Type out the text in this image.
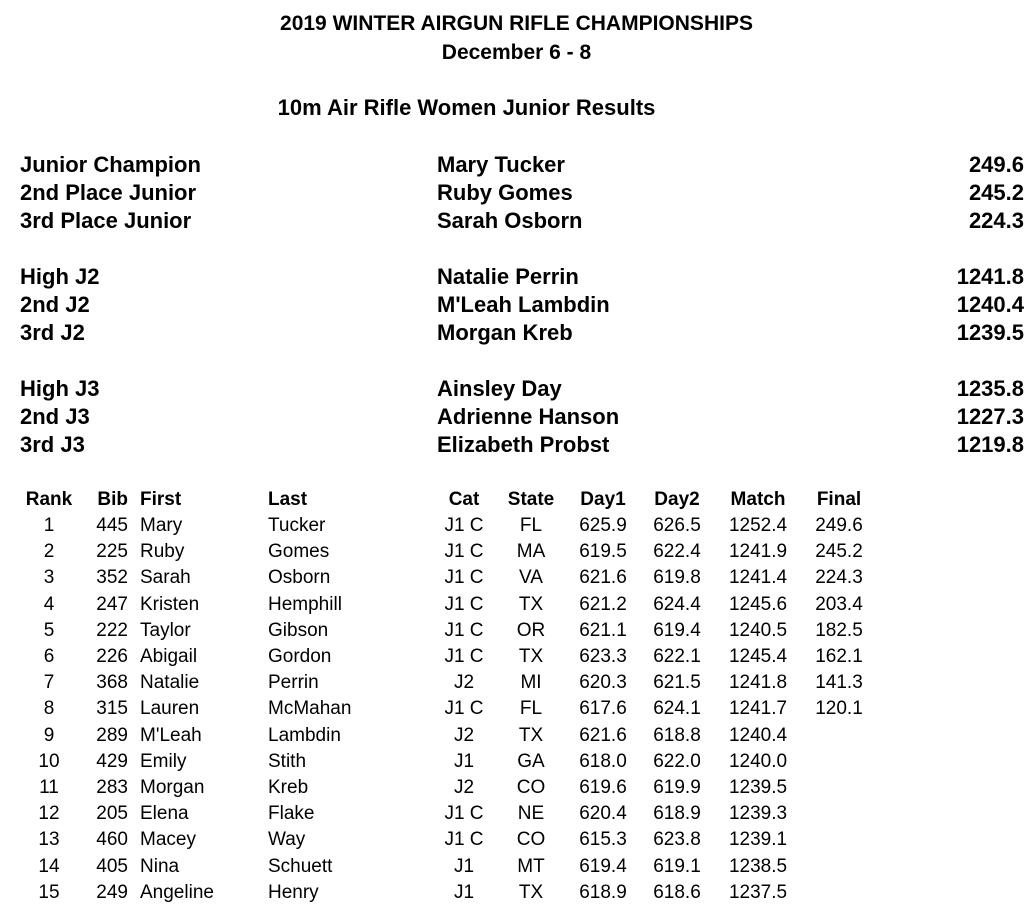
2019 WINTER AIRGUN RIFLE CHAMPIONSHIPS
December 6 - 8
10m Air Rifle Women Junior Results
Junior Champion	Mary Tucker	249.6
2nd Place Junior	Ruby Gomes	245.2
3rd Place Junior	Sarah Osborn	224.3
High J2	Natalie Perrin	1241.8
2nd J2	M'Leah Lambdin	1240.4
3rd J2	Morgan Kreb	1239.5
High J3	Ainsley Day	1235.8
2nd J3	Adrienne Hanson	1227.3
3rd J3	Elizabeth Probst	1219.8
Rank	Bib First	Last	Cat	State	Day1	Day2	Match	Final
1	445 Mary	Tucker	J1 C	FL	625.9	626.5	1252.4	249.6
2	225 Ruby	Gomes	J1 C	MA	619.5	622.4	1241.9	245.2
3	352 Sarah	Osborn	J1 C	VA	621.6	619.8	1241.4	224.3
4	247 Kristen	Hemphill	J1 C	TX	621.2	624.4	1245.6	203.4
5	222 Taylor	Gibson	J1 C	OR	621.1	619.4	1240.5	182.5
6	226 Abigail	Gordon	J1 C	TX	623.3	622.1	1245.4	162.1
7	368 Natalie	Perrin	J2	MI	620.3	621.5	1241.8	141.3
8	315 Lauren	McMahan	J1 C	FL	617.6	624.1	1241.7	120.1
9	289 M'Leah	Lambdin	J2	TX	621.6	618.8	1240.4
10	429 Emily	Stith	J1	GA	618.0	622.0	1240.0
11	283 Morgan	Kreb	J2	CO	619.6	619.9	1239.5
12	205 Elena	Flake	J1 C	NE	620.4	618.9	1239.3
13	460 Macey	Way	J1 C	CO	615.3	623.8	1239.1
14	405 Nina	Schuett	J1	MT	619.4	619.1	1238.5
15	249 Angeline	Henry	J1	TX	618.9	618.6	1237.5
